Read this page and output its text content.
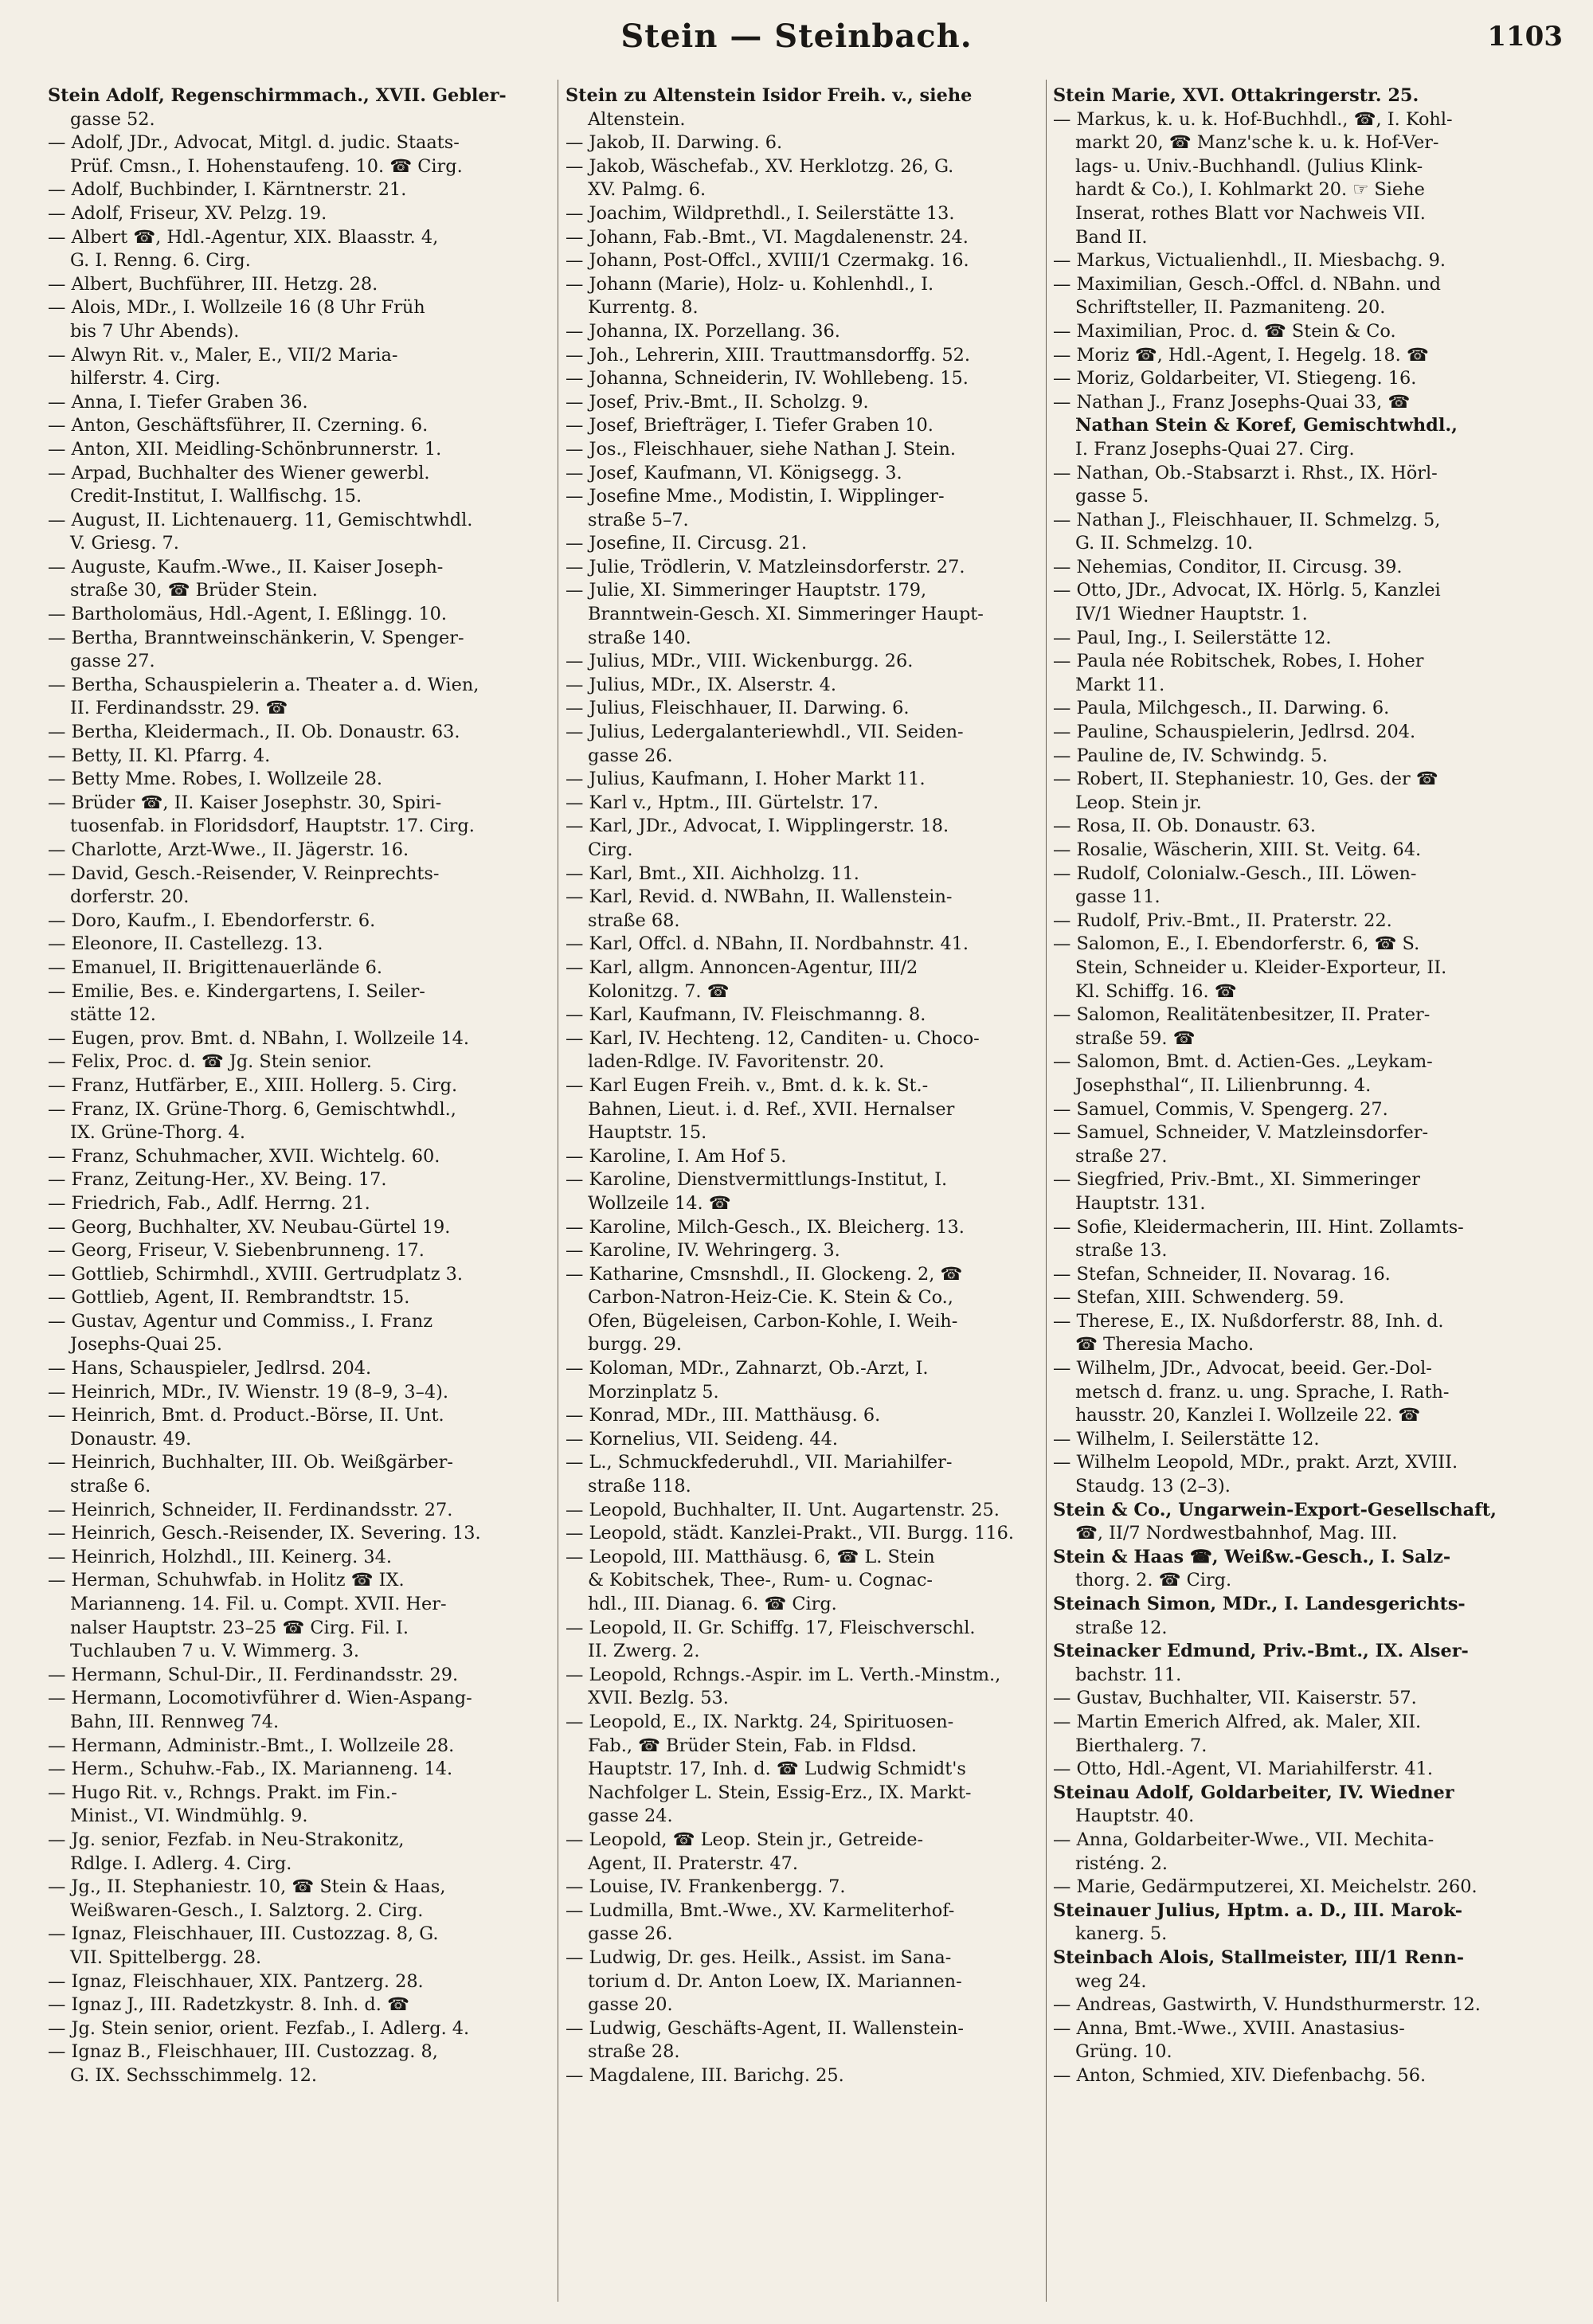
Stein — Steinbach.	1103
Stein Adolf, Regenschirmmach., XVII. Gebler-
gasse 52.
— Adolf, JDr., Advocat, Mitgl. d. judic. Staats-
Prüf. Cmsn., I. Hohenstaufeng. 10. ☎ Cirg.
— Adolf, Buchbinder, I. Kärntnerstr. 21.
— Adolf, Friseur, XV. Pelzg. 19.
— Albert ☎, Hdl.-Agentur, XIX. Blaasstr. 4,
G. I. Renng. 6. Cirg.
— Albert, Buchführer, III. Hetzg. 28.
— Alois, MDr., I. Wollzeile 16 (8 Uhr Früh
bis 7 Uhr Abends).
— Alwyn Rit. v., Maler, E., VII/2 Maria-
hilferstr. 4. Cirg.
— Anna, I. Tiefer Graben 36.
— Anton, Geschäftsführer, II. Czerning. 6.
— Anton, XII. Meidling-Schönbrunnerstr. 1.
— Arpad, Buchhalter des Wiener gewerbl.
Credit-Institut, I. Wallfischg. 15.
— August, II. Lichtenauerg. 11, Gemischtwhdl.
V. Griesg. 7.
— Auguste, Kaufm.-Wwe., II. Kaiser Joseph-
straße 30, ☎ Brüder Stein.
— Bartholomäus, Hdl.-Agent, I. Eßlingg. 10.
— Bertha, Branntweinschänkerin, V. Spenger-
gasse 27.
— Bertha, Schauspielerin a. Theater a. d. Wien,
II. Ferdinandsstr. 29. ☎
— Bertha, Kleidermach., II. Ob. Donaustr. 63.
— Betty, II. Kl. Pfarrg. 4.
— Betty Mme. Robes, I. Wollzeile 28.
— Brüder ☎, II. Kaiser Josephstr. 30, Spiri-
tuosenfab. in Floridsdorf, Hauptstr. 17. Cirg.
— Charlotte, Arzt-Wwe., II. Jägerstr. 16.
— David, Gesch.-Reisender, V. Reinprechts-
dorferstr. 20.
— Doro, Kaufm., I. Ebendorferstr. 6.
— Eleonore, II. Castellezg. 13.
— Emanuel, II. Brigittenauerlände 6.
— Emilie, Bes. e. Kindergartens, I. Seiler-
stätte 12.
— Eugen, prov. Bmt. d. NBahn, I. Wollzeile 14.
— Felix, Proc. d. ☎ Jg. Stein senior.
— Franz, Hutfärber, E., XIII. Hollerg. 5. Cirg.
— Franz, IX. Grüne-Thorg. 6, Gemischtwhdl.,
IX. Grüne-Thorg. 4.
— Franz, Schuhmacher, XVII. Wichtelg. 60.
— Franz, Zeitung-Her., XV. Being. 17.
— Friedrich, Fab., Adlf. Herrng. 21.
— Georg, Buchhalter, XV. Neubau-Gürtel 19.
— Georg, Friseur, V. Siebenbrunneng. 17.
— Gottlieb, Schirmhdl., XVIII. Gertrudplatz 3.
— Gottlieb, Agent, II. Rembrandtstr. 15.
— Gustav, Agentur und Commiss., I. Franz
Josephs-Quai 25.
— Hans, Schauspieler, Jedlrsd. 204.
— Heinrich, MDr., IV. Wienstr. 19 (8–9, 3–4).
— Heinrich, Bmt. d. Product.-Börse, II. Unt.
Donaustr. 49.
— Heinrich, Buchhalter, III. Ob. Weißgärber-
straße 6.
— Heinrich, Schneider, II. Ferdinandsstr. 27.
— Heinrich, Gesch.-Reisender, IX. Severing. 13.
— Heinrich, Holzhdl., III. Keinerg. 34.
— Herman, Schuhwfab. in Holitz ☎ IX.
Marianneng. 14. Fil. u. Compt. XVII. Her-
nalser Hauptstr. 23–25 ☎ Cirg. Fil. I.
Tuchlauben 7 u. V. Wimmerg. 3.
— Hermann, Schul-Dir., II. Ferdinandsstr. 29.
— Hermann, Locomotivführer d. Wien-Aspang-
Bahn, III. Rennweg 74.
— Hermann, Administr.-Bmt., I. Wollzeile 28.
— Herm., Schuhw.-Fab., IX. Marianneng. 14.
— Hugo Rit. v., Rchngs. Prakt. im Fin.-
Minist., VI. Windmühlg. 9.
— Jg. senior, Fezfab. in Neu-Strakonitz,
Rdlge. I. Adlerg. 4. Cirg.
— Jg., II. Stephaniestr. 10, ☎ Stein & Haas,
Weißwaren-Gesch., I. Salztorg. 2. Cirg.
— Ignaz, Fleischhauer, III. Custozzag. 8, G.
VII. Spittelbergg. 28.
— Ignaz, Fleischhauer, XIX. Pantzerg. 28.
— Ignaz J., III. Radetzkystr. 8. Inh. d. ☎
— Jg. Stein senior, orient. Fezfab., I. Adlerg. 4.
— Ignaz B., Fleischhauer, III. Custozzag. 8,
G. IX. Sechsschimmelg. 12.
Stein zu Altenstein Isidor Freih. v., siehe
Altenstein.
— Jakob, II. Darwing. 6.
— Jakob, Wäschefab., XV. Herklotzg. 26, G.
XV. Palmg. 6.
— Joachim, Wildprethdl., I. Seilerstätte 13.
— Johann, Fab.-Bmt., VI. Magdalenenstr. 24.
— Johann, Post-Offcl., XVIII/1 Czermakg. 16.
— Johann (Marie), Holz- u. Kohlenhdl., I.
Kurrentg. 8.
— Johanna, IX. Porzellang. 36.
— Joh., Lehrerin, XIII. Trauttmansdorffg. 52.
— Johanna, Schneiderin, IV. Wohllebeng. 15.
— Josef, Priv.-Bmt., II. Scholzg. 9.
— Josef, Briefträger, I. Tiefer Graben 10.
— Jos., Fleischhauer, siehe Nathan J. Stein.
— Josef, Kaufmann, VI. Königsegg. 3.
— Josefine Mme., Modistin, I. Wipplinger-
straße 5–7.
— Josefine, II. Circusg. 21.
— Julie, Trödlerin, V. Matzleinsdorferstr. 27.
— Julie, XI. Simmeringer Hauptstr. 179,
Branntwein-Gesch. XI. Simmeringer Haupt-
straße 140.
— Julius, MDr., VIII. Wickenburgg. 26.
— Julius, MDr., IX. Alserstr. 4.
— Julius, Fleischhauer, II. Darwing. 6.
— Julius, Ledergalanteriewhdl., VII. Seiden-
gasse 26.
— Julius, Kaufmann, I. Hoher Markt 11.
— Karl v., Hptm., III. Gürtelstr. 17.
— Karl, JDr., Advocat, I. Wipplingerstr. 18.
Cirg.
— Karl, Bmt., XII. Aichholzg. 11.
— Karl, Revid. d. NWBahn, II. Wallenstein-
straße 68.
— Karl, Offcl. d. NBahn, II. Nordbahnstr. 41.
— Karl, allgm. Annoncen-Agentur, III/2
Kolonitzg. 7. ☎
— Karl, Kaufmann, IV. Fleischmanng. 8.
— Karl, IV. Hechteng. 12, Canditen- u. Choco-
laden-Rdlge. IV. Favoritenstr. 20.
— Karl Eugen Freih. v., Bmt. d. k. k. St.-
Bahnen, Lieut. i. d. Ref., XVII. Hernalser
Hauptstr. 15.
— Karoline, I. Am Hof 5.
— Karoline, Dienstvermittlungs-Institut, I.
Wollzeile 14. ☎
— Karoline, Milch-Gesch., IX. Bleicherg. 13.
— Karoline, IV. Wehringerg. 3.
— Katharine, Cmsnshdl., II. Glockeng. 2, ☎
Carbon-Natron-Heiz-Cie. K. Stein & Co.,
Ofen, Bügeleisen, Carbon-Kohle, I. Weih-
burgg. 29.
— Koloman, MDr., Zahnarzt, Ob.-Arzt, I.
Morzinplatz 5.
— Konrad, MDr., III. Matthäusg. 6.
— Kornelius, VII. Seideng. 44.
— L., Schmuckfederuhdl., VII. Mariahilfer-
straße 118.
— Leopold, Buchhalter, II. Unt. Augartenstr. 25.
— Leopold, städt. Kanzlei-Prakt., VII. Burgg. 116.
— Leopold, III. Matthäusg. 6, ☎ L. Stein
& Kobitschek, Thee-, Rum- u. Cognac-
hdl., III. Dianag. 6. ☎ Cirg.
— Leopold, II. Gr. Schiffg. 17, Fleischverschl.
II. Zwerg. 2.
— Leopold, Rchngs.-Aspir. im L. Verth.-Minstm.,
XVII. Bezlg. 53.
— Leopold, E., IX. Narktg. 24, Spirituosen-
Fab., ☎ Brüder Stein, Fab. in Fldsd.
Hauptstr. 17, Inh. d. ☎ Ludwig Schmidt's
Nachfolger L. Stein, Essig-Erz., IX. Markt-
gasse 24.
— Leopold, ☎ Leop. Stein jr., Getreide-
Agent, II. Praterstr. 47.
— Louise, IV. Frankenbergg. 7.
— Ludmilla, Bmt.-Wwe., XV. Karmeliterhof-
gasse 26.
— Ludwig, Dr. ges. Heilk., Assist. im Sana-
torium d. Dr. Anton Loew, IX. Mariannen-
gasse 20.
— Ludwig, Geschäfts-Agent, II. Wallenstein-
straße 28.
— Magdalene, III. Barichg. 25.
Stein Marie, XVI. Ottakringerstr. 25.
— Markus, k. u. k. Hof-Buchhdl., ☎, I. Kohl-
markt 20, ☎ Manz'sche k. u. k. Hof-Ver-
lags- u. Univ.-Buchhandl. (Julius Klink-
hardt & Co.), I. Kohlmarkt 20. ☞ Siehe
Inserat, rothes Blatt vor Nachweis VII.
Band II.
— Markus, Victualienhdl., II. Miesbachg. 9.
— Maximilian, Gesch.-Offcl. d. NBahn. und
Schriftsteller, II. Pazmaniteng. 20.
— Maximilian, Proc. d. ☎ Stein & Co.
— Moriz ☎, Hdl.-Agent, I. Hegelg. 18. ☎
— Moriz, Goldarbeiter, VI. Stiegeng. 16.
— Nathan J., Franz Josephs-Quai 33, ☎
Nathan Stein & Koref, Gemischtwhdl.,
I. Franz Josephs-Quai 27. Cirg.
— Nathan, Ob.-Stabsarzt i. Rhst., IX. Hörl-
gasse 5.
— Nathan J., Fleischhauer, II. Schmelzg. 5,
G. II. Schmelzg. 10.
— Nehemias, Conditor, II. Circusg. 39.
— Otto, JDr., Advocat, IX. Hörlg. 5, Kanzlei
IV/1 Wiedner Hauptstr. 1.
— Paul, Ing., I. Seilerstätte 12.
— Paula née Robitschek, Robes, I. Hoher
Markt 11.
— Paula, Milchgesch., II. Darwing. 6.
— Pauline, Schauspielerin, Jedlrsd. 204.
— Pauline de, IV. Schwindg. 5.
— Robert, II. Stephaniestr. 10, Ges. der ☎
Leop. Stein jr.
— Rosa, II. Ob. Donaustr. 63.
— Rosalie, Wäscherin, XIII. St. Veitg. 64.
— Rudolf, Colonialw.-Gesch., III. Löwen-
gasse 11.
— Rudolf, Priv.-Bmt., II. Praterstr. 22.
— Salomon, E., I. Ebendorferstr. 6, ☎ S.
Stein, Schneider u. Kleider-Exporteur, II.
Kl. Schiffg. 16. ☎
— Salomon, Realitätenbesitzer, II. Prater-
straße 59. ☎
— Salomon, Bmt. d. Actien-Ges. „Leykam-
Josephsthal“, II. Lilienbrunng. 4.
— Samuel, Commis, V. Spengerg. 27.
— Samuel, Schneider, V. Matzleinsdorfer-
straße 27.
— Siegfried, Priv.-Bmt., XI. Simmeringer
Hauptstr. 131.
— Sofie, Kleidermacherin, III. Hint. Zollamts-
straße 13.
— Stefan, Schneider, II. Novarag. 16.
— Stefan, XIII. Schwenderg. 59.
— Therese, E., IX. Nußdorferstr. 88, Inh. d.
☎ Theresia Macho.
— Wilhelm, JDr., Advocat, beeid. Ger.-Dol-
metsch d. franz. u. ung. Sprache, I. Rath-
hausstr. 20, Kanzlei I. Wollzeile 22. ☎
— Wilhelm, I. Seilerstätte 12.
— Wilhelm Leopold, MDr., prakt. Arzt, XVIII.
Staudg. 13 (2–3).
Stein & Co., Ungarwein-Export-Gesellschaft,
☎, II/7 Nordwestbahnhof, Mag. III.
Stein & Haas ☎, Weißw.-Gesch., I. Salz-
thorg. 2. ☎ Cirg.
Steinach Simon, MDr., I. Landesgerichts-
straße 12.
Steinacker Edmund, Priv.-Bmt., IX. Alser-
bachstr. 11.
— Gustav, Buchhalter, VII. Kaiserstr. 57.
— Martin Emerich Alfred, ak. Maler, XII.
Bierthalerg. 7.
— Otto, Hdl.-Agent, VI. Mariahilferstr. 41.
Steinau Adolf, Goldarbeiter, IV. Wiedner
Hauptstr. 40.
— Anna, Goldarbeiter-Wwe., VII. Mechita-
risténg. 2.
— Marie, Gedärmputzerei, XI. Meichelstr. 260.
Steinauer Julius, Hptm. a. D., III. Marok-
kanerg. 5.
Steinbach Alois, Stallmeister, III/1 Renn-
weg 24.
— Andreas, Gastwirth, V. Hundsthurmerstr. 12.
— Anna, Bmt.-Wwe., XVIII. Anastasius-
Grüng. 10.
— Anton, Schmied, XIV. Diefenbachg. 56.
